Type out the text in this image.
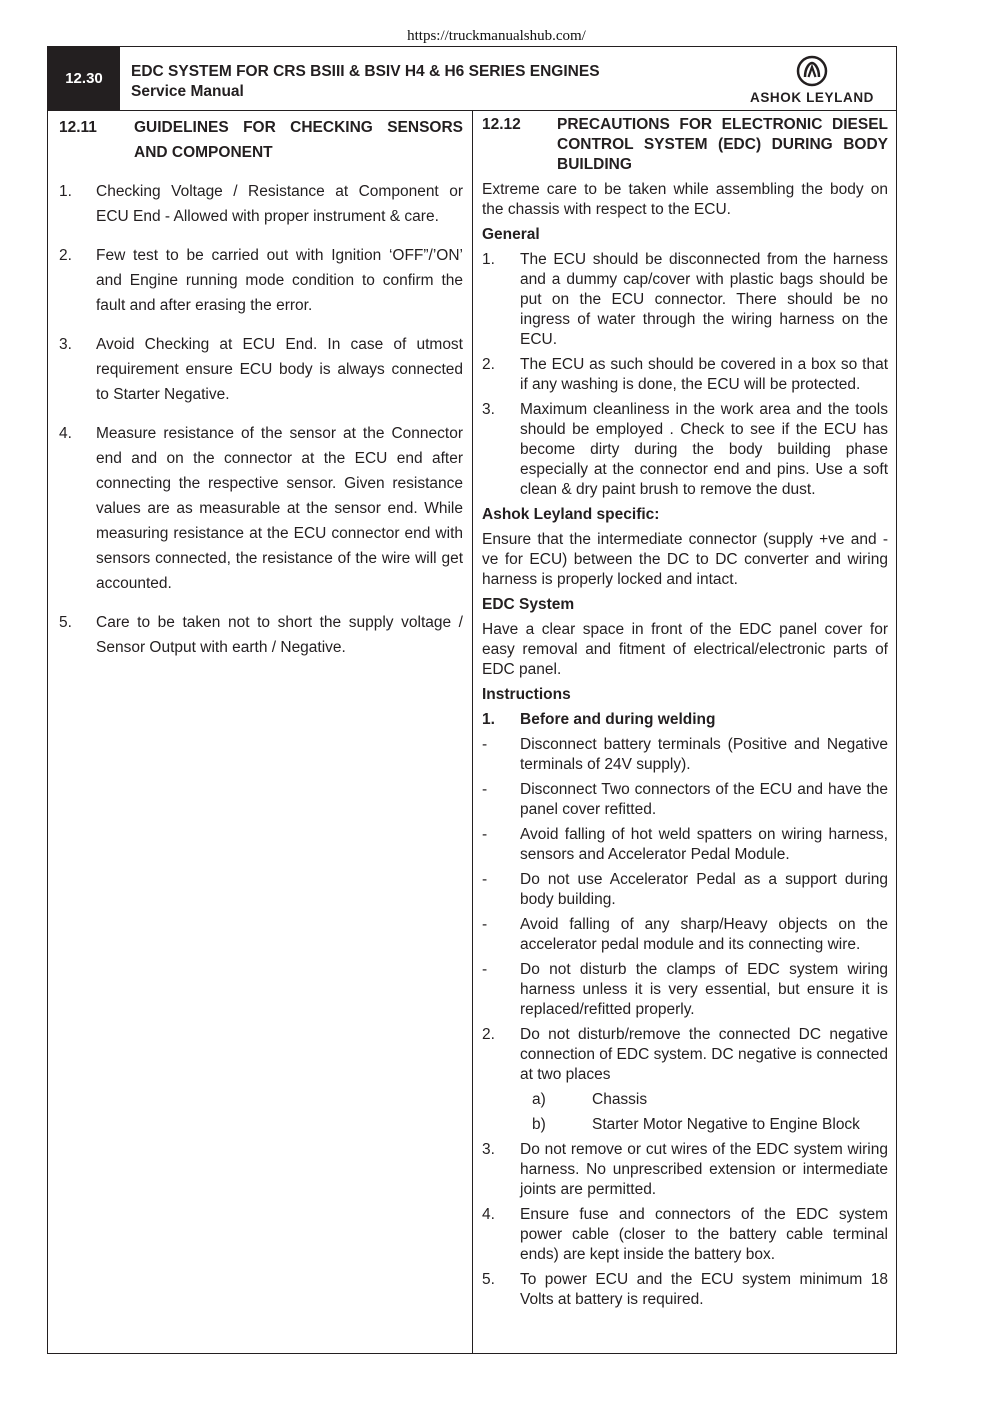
https://truckmanualshub.com/
12.30	EDC SYSTEM FOR CRS BSIII & BSIV H4 & H6 SERIES ENGINES
Service Manual	ASHOK LEYLAND
12.11	GUIDELINES FOR CHECKING SENSORS AND COMPONENT
1.	Checking Voltage / Resistance at Component or ECU End - Allowed with proper instrument & care.
2.	Few test to be carried out with Ignition ‘OFF”/’ON’ and Engine running mode condition to confirm the fault and after erasing the error.
3.	Avoid Checking at ECU End. In case of utmost requirement ensure ECU body is always connected to Starter Negative.
4.	Measure resistance of the sensor at the Connector end and on the connector at the ECU end after connecting the respective sensor. Given resistance values are as measurable at the sensor end. While measuring resistance at the ECU connector end with sensors connected, the resistance of the wire will get accounted.
5.	Care to be taken not to short the supply voltage / Sensor Output with earth / Negative.
12.12	PRECAUTIONS FOR ELECTRONIC DIESEL CONTROL SYSTEM (EDC) DURING BODY BUILDING
Extreme care to be taken while assembling the body on the chassis with respect to the ECU.
General
1.	The ECU should be disconnected from the harness and a dummy cap/cover with plastic bags should be put on the ECU connector. There should be no ingress of water through the wiring harness on the ECU.
2.	The ECU as such should be covered in a box so that if any washing is done, the ECU will be protected.
3.	Maximum cleanliness in the work area and the tools should be employed . Check to see if the ECU has become dirty during the body building phase especially at the connector end and pins. Use a soft clean & dry paint brush to remove the dust.
Ashok Leyland specific:
Ensure that the intermediate connector (supply +ve and -ve for ECU) between the DC to DC converter and wiring harness is properly locked and intact.
EDC System
Have a clear space in front of the EDC panel cover for easy removal and fitment of electrical/electronic parts of EDC panel.
Instructions
1.	Before and during welding
-	Disconnect battery terminals (Positive and Negative terminals of 24V supply).
-	Disconnect Two connectors of the ECU and have the panel cover refitted.
-	Avoid falling of hot weld spatters on wiring harness, sensors and Accelerator Pedal Module.
-	Do not use Accelerator Pedal as a support during body building.
-	Avoid falling of any sharp/Heavy objects on the accelerator pedal module and its connecting wire.
-	Do not disturb the clamps of EDC system wiring harness unless it is very essential, but ensure it is replaced/refitted properly.
2.	Do not disturb/remove the connected DC negative connection of EDC system. DC negative is connected at two places
a)	Chassis
b)	Starter Motor Negative to Engine Block
3.	Do not remove or cut wires of the EDC system wiring harness. No unprescribed extension or intermediate joints are permitted.
4.	Ensure fuse and connectors of the EDC system power cable (closer to the battery cable terminal ends) are kept inside the battery box.
5.	To power ECU and the ECU system minimum 18 Volts at battery is required.
